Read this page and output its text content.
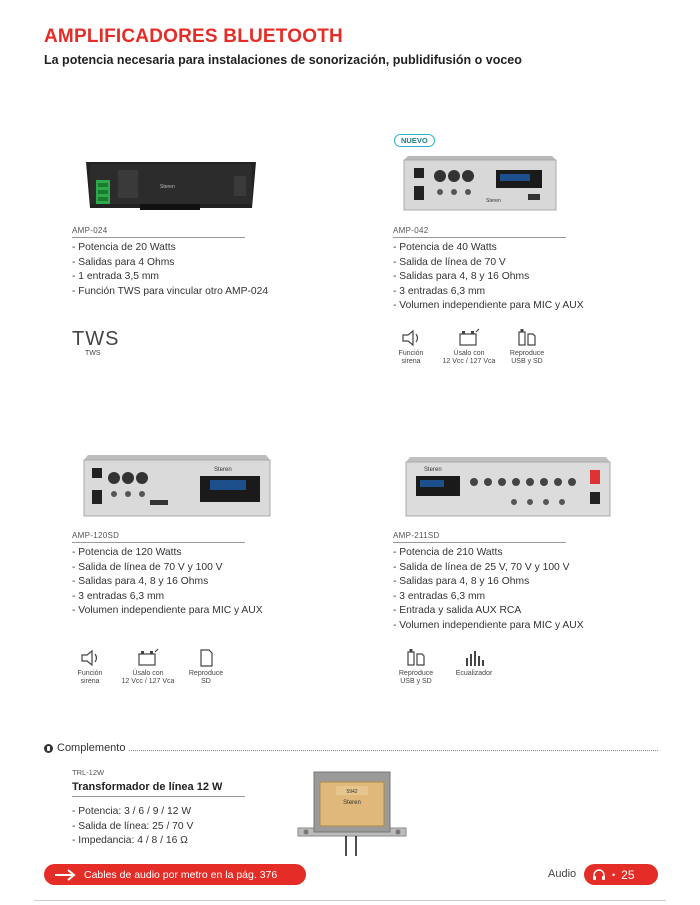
AMPLIFICADORES BLUETOOTH
La potencia necesaria para instalaciones de sonorización, publidifusión o voceo
Steren
AMP-024
- Potencia de 20 Watts
- Salidas para 4 Ohms
- 1 entrada 3,5 mm
- Función TWS para vincular otro AMP-024
TWS
TWS
NUEVO
Steren
AMP-042
- Potencia de 40 Watts
- Salida de línea de 70 V
- Salidas para 4, 8 y 16 Ohms
- 3 entradas 6,3 mm
- Volumen independiente para MIC y AUX
Función
sirena
Úsalo con
12 Vcc / 127 Vca
Reproduce
USB y SD
Steren
AMP-120SD
- Potencia de 120 Watts
- Salida de línea de 70 V y 100 V
- Salidas para 4, 8 y 16 Ohms
- 3 entradas 6,3 mm
- Volumen independiente para MIC y AUX
Función
sirena
Úsalo con
12 Vcc / 127 Vca
Reproduce
SD
Steren
AMP-211SD
- Potencia de 210 Watts
- Salida de línea de 25 V, 70 V y 100 V
- Salidas para 4, 8 y 16 Ohms
- 3 entradas 6,3 mm
- Entrada y salida AUX RCA
- Volumen independiente para MIC y AUX
Reproduce
USB y SD
Ecualizador
Complemento
TRL-12W
Transformador de línea 12 W
- Potencia: 3 / 6 / 9 / 12 W
- Salida de línea: 25 / 70 V
- Impedancia: 4 / 8 / 16 Ω
Steren
5942
Cables de audio por metro en la pág. 376	Audio	• 25
